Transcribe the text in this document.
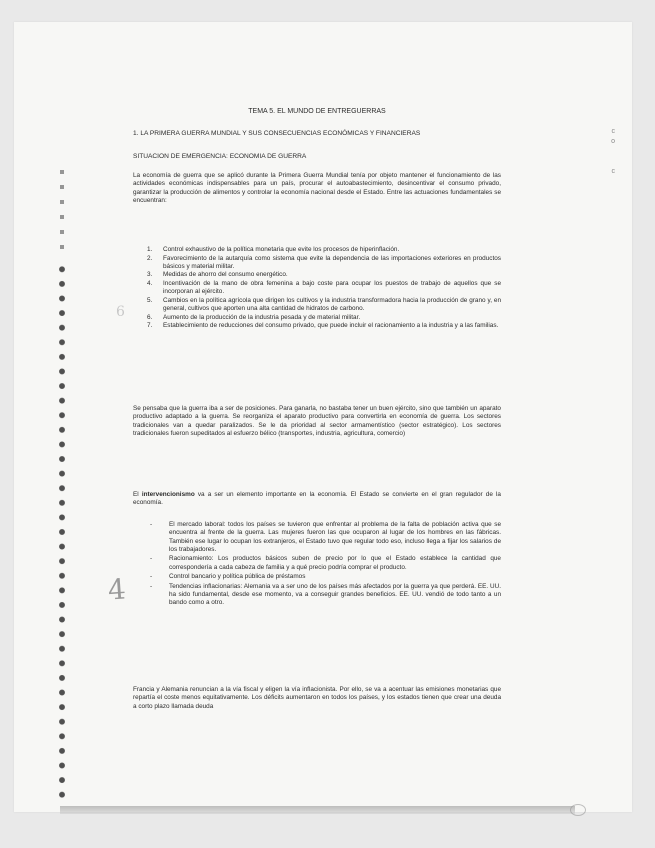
6
4
c
o
c
TEMA 5. EL MUNDO DE ENTREGUERRAS
1. LA PRIMERA GUERRA MUNDIAL Y SUS CONSECUENCIAS ECONÓMICAS Y FINANCIERAS
SITUACION DE EMERGENCIA: ECONOMIA DE GUERRA
La economía de guerra que se aplicó durante la Primera Guerra Mundial tenía por objeto mantener el funcionamiento de las actividades económicas indispensables para un país, procurar el autoabastecimiento, desincentivar el consumo privado, garantizar la producción de alimentos y controlar la economía nacional desde el Estado. Entre las actuaciones fundamentales se encuentran:
1. Control exhaustivo de la política monetaria que evite los procesos de hiperinflación.
2. Favorecimiento de la autarquía como sistema que evite la dependencia de las importaciones exteriores en productos básicos y material militar.
3. Medidas de ahorro del consumo energético.
4. Incentivación de la mano de obra femenina a bajo coste para ocupar los puestos de trabajo de aquellos que se incorporan al ejército.
5. Cambios en la política agrícola que dirigen los cultivos y la industria transformadora hacia la producción de grano y, en general, cultivos que aporten una alta cantidad de hidratos de carbono.
6. Aumento de la producción de la industria pesada y de material militar.
7. Establecimiento de reducciones del consumo privado, que puede incluir el racionamiento a la industria y a las familias.
Se pensaba que la guerra iba a ser de posiciones. Para ganarla, no bastaba tener un buen ejército, sino que también un aparato productivo adaptado a la guerra. Se reorganiza el aparato productivo para convertirla en economía de guerra. Los sectores tradicionales van a quedar paralizados. Se le da prioridad al sector armamentístico (sector estratégico). Los sectores tradicionales fueron supeditados al esfuerzo bélico (transportes, industria, agricultura, comercio)
El intervencionismo va a ser un elemento importante en la economía. El Estado se convierte en el gran regulador de la economía.
-	El mercado laboral: todos los países se tuvieron que enfrentar al problema de la falta de población activa que se encuentra al frente de la guerra. Las mujeres fueron las que ocuparon al lugar de los hombres en las fábricas. También ese lugar lo ocupan los extranjeros, el Estado tuvo que regular todo eso, incluso llega a fijar los salarios de los trabajadores.
-	Racionamiento: Los productos básicos suben de precio por lo que el Estado establece la cantidad que correspondería a cada cabeza de familia y a qué precio podría comprar el producto.
-	Control bancario y política pública de préstamos
-	Tendencias inflacionarias: Alemania va a ser uno de los países más afectados por la guerra ya que perderá. EE. UU. ha sido fundamental, desde ese momento, va a conseguir grandes beneficios. EE. UU. vendió de todo tanto a un bando como a otro.
Francia y Alemania renuncian a la vía fiscal y eligen la vía inflacionista. Por ello, se va a acentuar las emisiones monetarias que repartía el coste menos equitativamente. Los déficits aumentaron en todos los países, y los estados tienen que crear una deuda a corto plazo llamada deuda
